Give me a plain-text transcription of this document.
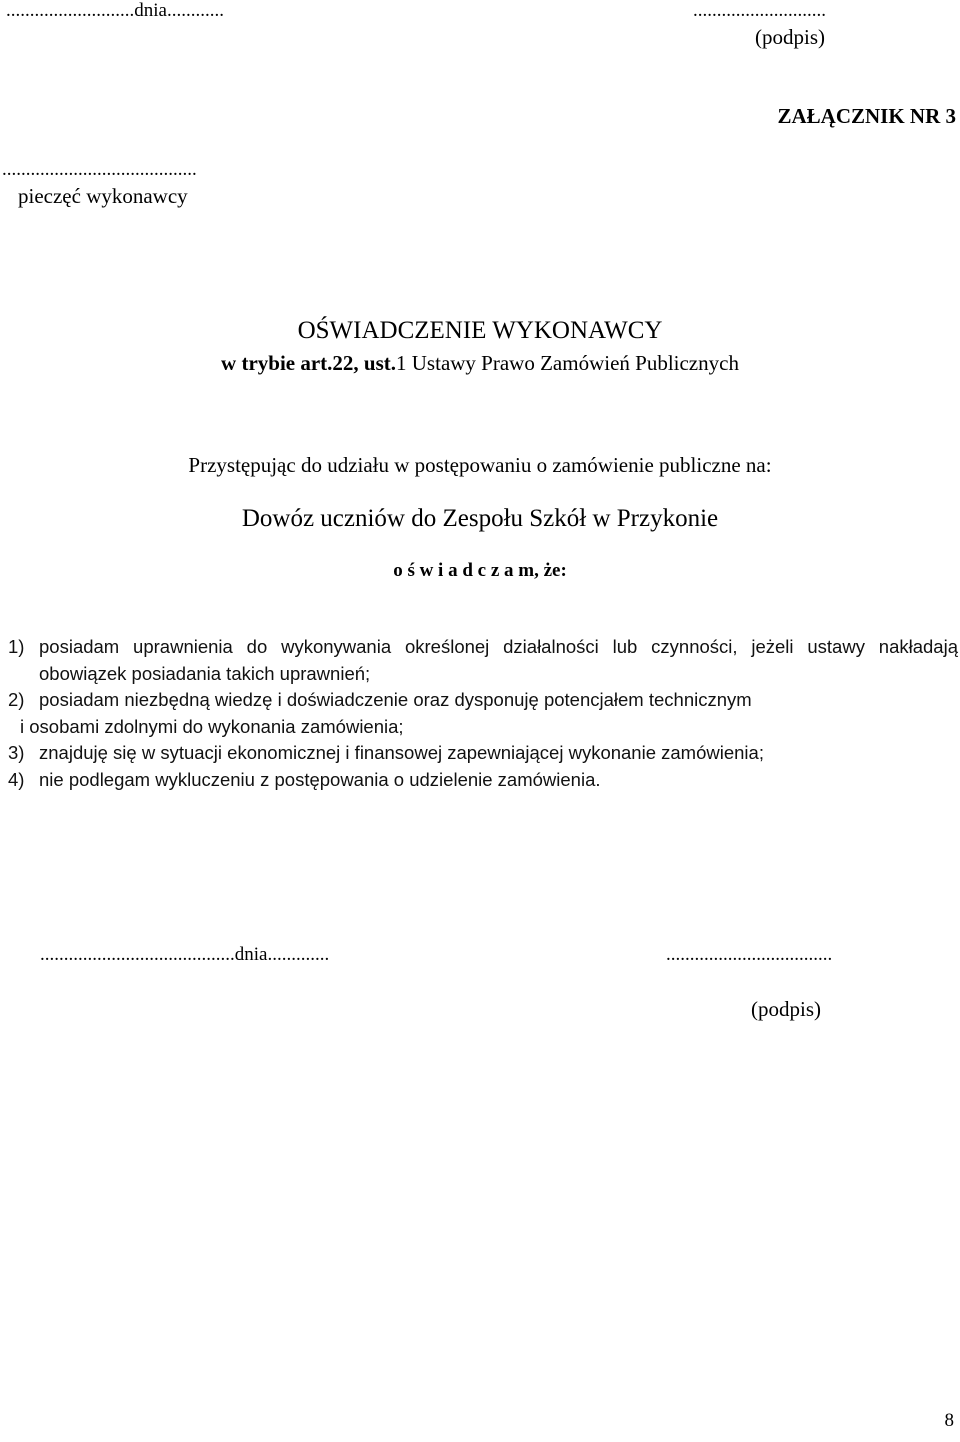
...........................dnia............	............................
(podpis)
ZAŁĄCZNIK NR 3
.........................................
pieczęć wykonawcy
OŚWIADCZENIE WYKONAWCY
w trybie art.22, ust.1 Ustawy Prawo Zamówień Publicznych
Przystępując do udziału w postępowaniu o zamówienie publiczne na:
Dowóz uczniów do Zespołu Szkół w Przykonie
o ś w i a d c z a m, że:
1) posiadam uprawnienia do wykonywania określonej działalności lub czynności, jeżeli ustawy nakładają obowiązek posiadania takich uprawnień;
2) posiadam niezbędną wiedzę i doświadczenie oraz dysponuję potencjałem technicznym
i osobami zdolnymi do wykonania zamówienia;
3) znajduję się w sytuacji ekonomicznej i finansowej zapewniającej wykonanie zamówienia;
4) nie podlegam wykluczeniu z postępowania o udzielenie zamówienia.
.........................................dnia.............	...................................
(podpis)
8
